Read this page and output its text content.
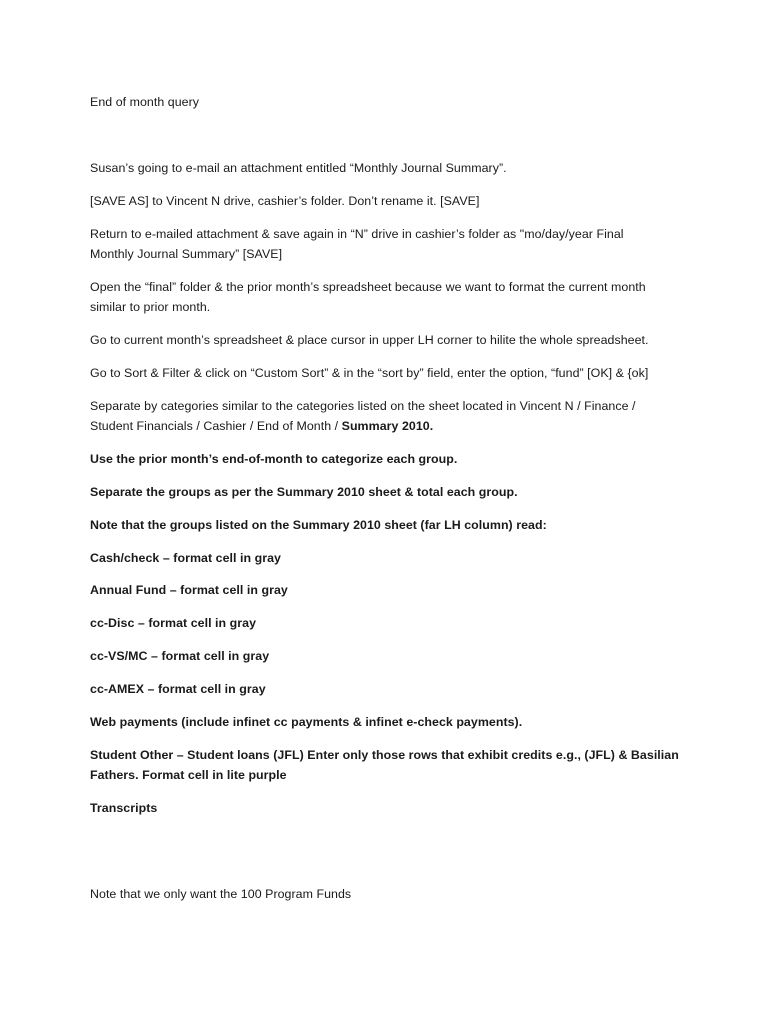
End of month query
Susan’s going to e-mail an attachment entitled “Monthly Journal Summary”.
[SAVE AS] to Vincent N drive, cashier’s folder. Don’t rename it. [SAVE]
Return to e-mailed attachment & save again in “N” drive in cashier’s folder as "mo/day/year Final
Monthly Journal Summary” [SAVE]
Open the “final” folder & the prior month’s spreadsheet because we want to format the current month
similar to prior month.
Go to current month’s spreadsheet & place cursor in upper LH corner to hilite the whole spreadsheet.
Go to Sort & Filter & click on “Custom Sort” & in the “sort by” field, enter the option, “fund” [OK] & {ok]
Separate by categories similar to the categories listed on the sheet located in Vincent N / Finance /
Student Financials / Cashier / End of Month / Summary 2010.
Use the prior month’s end-of-month to categorize each group.
Separate the groups as per the Summary 2010 sheet & total each group.
Note that the groups listed on the Summary 2010 sheet (far LH column) read:
Cash/check – format cell in gray
Annual Fund – format cell in gray
cc-Disc – format cell in gray
cc-VS/MC – format cell in gray
cc-AMEX – format cell in gray
Web payments (include infinet cc payments & infinet e-check payments).
Student Other – Student loans (JFL) Enter only those rows that exhibit credits e.g., (JFL) & Basilian
Fathers. Format cell in lite purple
Transcripts
Note that we only want the 100 Program Funds
